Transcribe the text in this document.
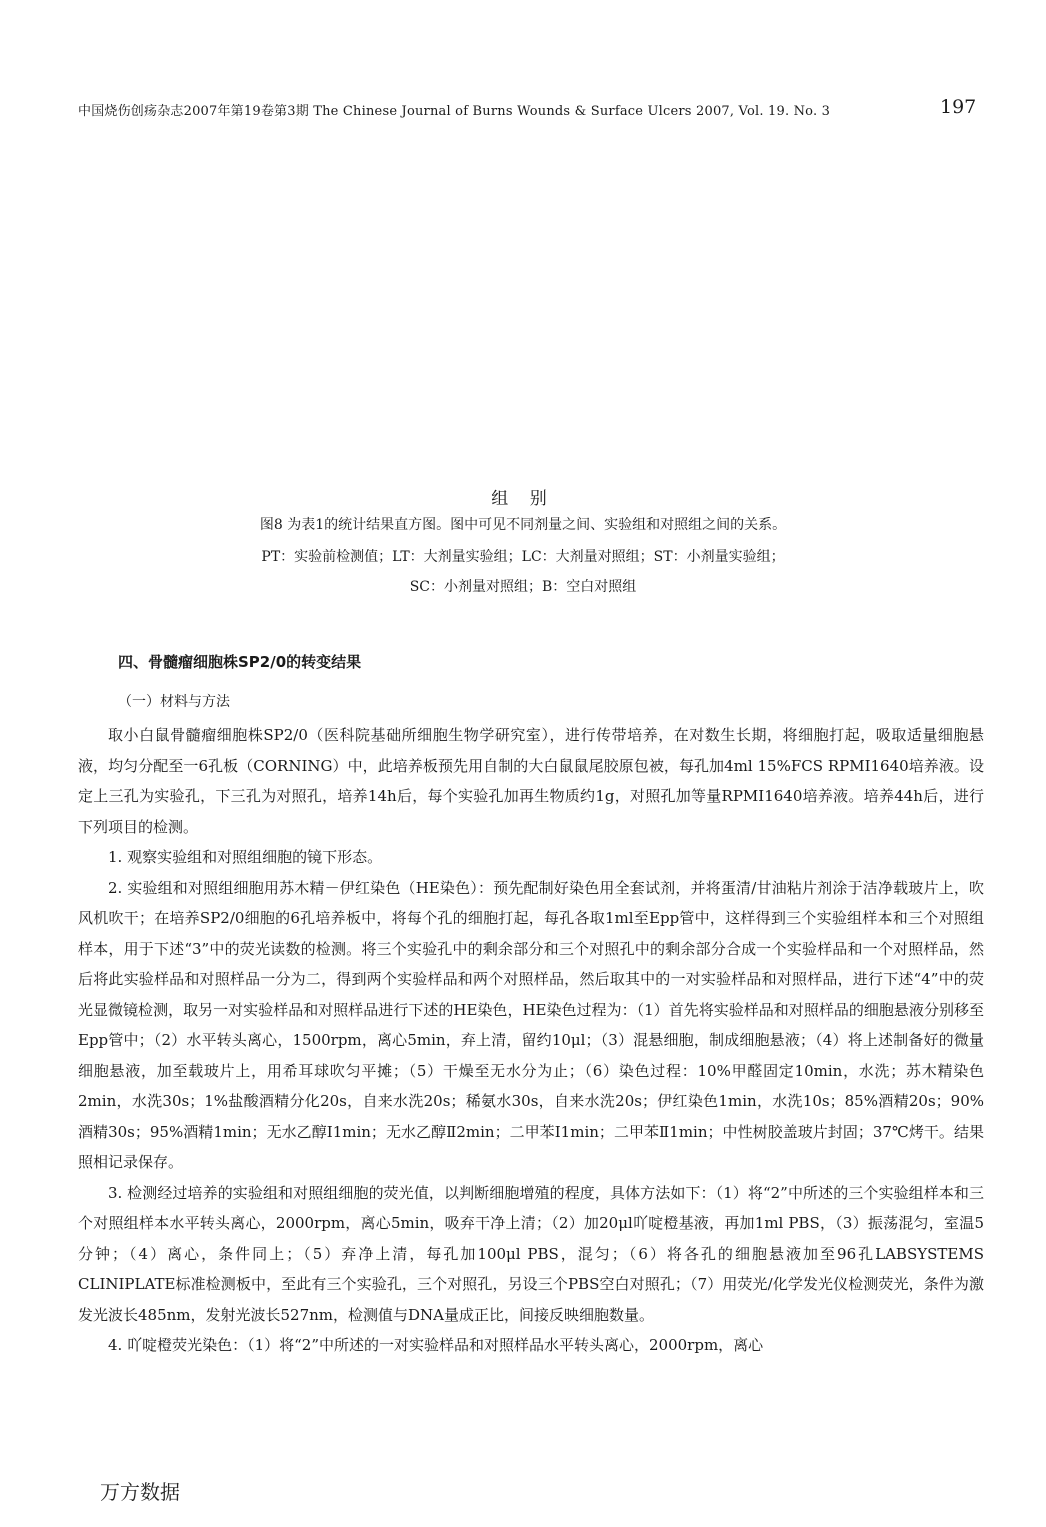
中国烧伤创疡杂志2007年第19卷第3期 The Chinese Journal of Burns Wounds & Surface Ulcers 2007, Vol. 19. No. 3	197
组 别
图8 为表1的统计结果直方图。图中可见不同剂量之间、实验组和对照组之间的关系。
PT：实验前检测值；LT：大剂量实验组；LC：大剂量对照组；ST：小剂量实验组；
SC：小剂量对照组；B：空白对照组
四、骨髓瘤细胞株SP2/0的转变结果
（一）材料与方法

取小白鼠骨髓瘤细胞株SP2/0（医科院基础所细胞生物学研究室），进行传带培养，在对数生长期，将细胞打起，吸取适量细胞悬液，均匀分配至一6孔板（CORNING）中，此培养板预先用自制的大白鼠鼠尾胶原包被，每孔加4ml 15%FCS RPMI1640培养液。设定上三孔为实验孔，下三孔为对照孔，培养14h后，每个实验孔加再生物质约1g，对照孔加等量RPMI1640培养液。培养44h后，进行下列项目的检测。

1. 观察实验组和对照组细胞的镜下形态。

2. 实验组和对照组细胞用苏木精－伊红染色（HE染色）：预先配制好染色用全套试剂，并将蛋清/甘油粘片剂涂于洁净载玻片上，吹风机吹干；在培养SP2/0细胞的6孔培养板中，将每个孔的细胞打起，每孔各取1ml至Epp管中，这样得到三个实验组样本和三个对照组样本，用于下述“3”中的荧光读数的检测。将三个实验孔中的剩余部分和三个对照孔中的剩余部分合成一个实验样品和一个对照样品，然后将此实验样品和对照样品一分为二，得到两个实验样品和两个对照样品，然后取其中的一对实验样品和对照样品，进行下述“4”中的荧光显微镜检测，取另一对实验样品和对照样品进行下述的HE染色，HE染色过程为：（1）首先将实验样品和对照样品的细胞悬液分别移至Epp管中；（2）水平转头离心，1500rpm，离心5min，弃上清，留约10μl；（3）混悬细胞，制成细胞悬液；（4）将上述制备好的微量细胞悬液，加至载玻片上，用希耳球吹匀平摊；（5）干燥至无水分为止；（6）染色过程：10%甲醛固定10min，水洗；苏木精染色2min，水洗30s；1%盐酸酒精分化20s，自来水洗20s；稀氨水30s，自来水洗20s；伊红染色1min，水洗10s；85%酒精20s；90%酒精30s；95%酒精1min；无水乙醇Ⅰ1min；无水乙醇Ⅱ2min；二甲苯Ⅰ1min；二甲苯Ⅱ1min；中性树胶盖玻片封固；37℃烤干。结果照相记录保存。

3. 检测经过培养的实验组和对照组细胞的荧光值，以判断细胞增殖的程度，具体方法如下：（1）将“2”中所述的三个实验组样本和三个对照组样本水平转头离心，2000rpm，离心5min，吸弃干净上清；（2）加20μl吖啶橙基液，再加1ml PBS，（3）振荡混匀，室温5分钟；（4）离心，条件同上；（5）弃净上清，每孔加100μl PBS，混匀；（6）将各孔的细胞悬液加至96孔LABSYSTEMS CLINIPLATE标准检测板中，至此有三个实验孔，三个对照孔，另设三个PBS空白对照孔；（7）用荧光/化学发光仪检测荧光，条件为激发光波长485nm，发射光波长527nm，检测值与DNA量成正比，间接反映细胞数量。

4. 吖啶橙荧光染色：（1）将“2”中所述的一对实验样品和对照样品水平转头离心，2000rpm，离心

万方数据
